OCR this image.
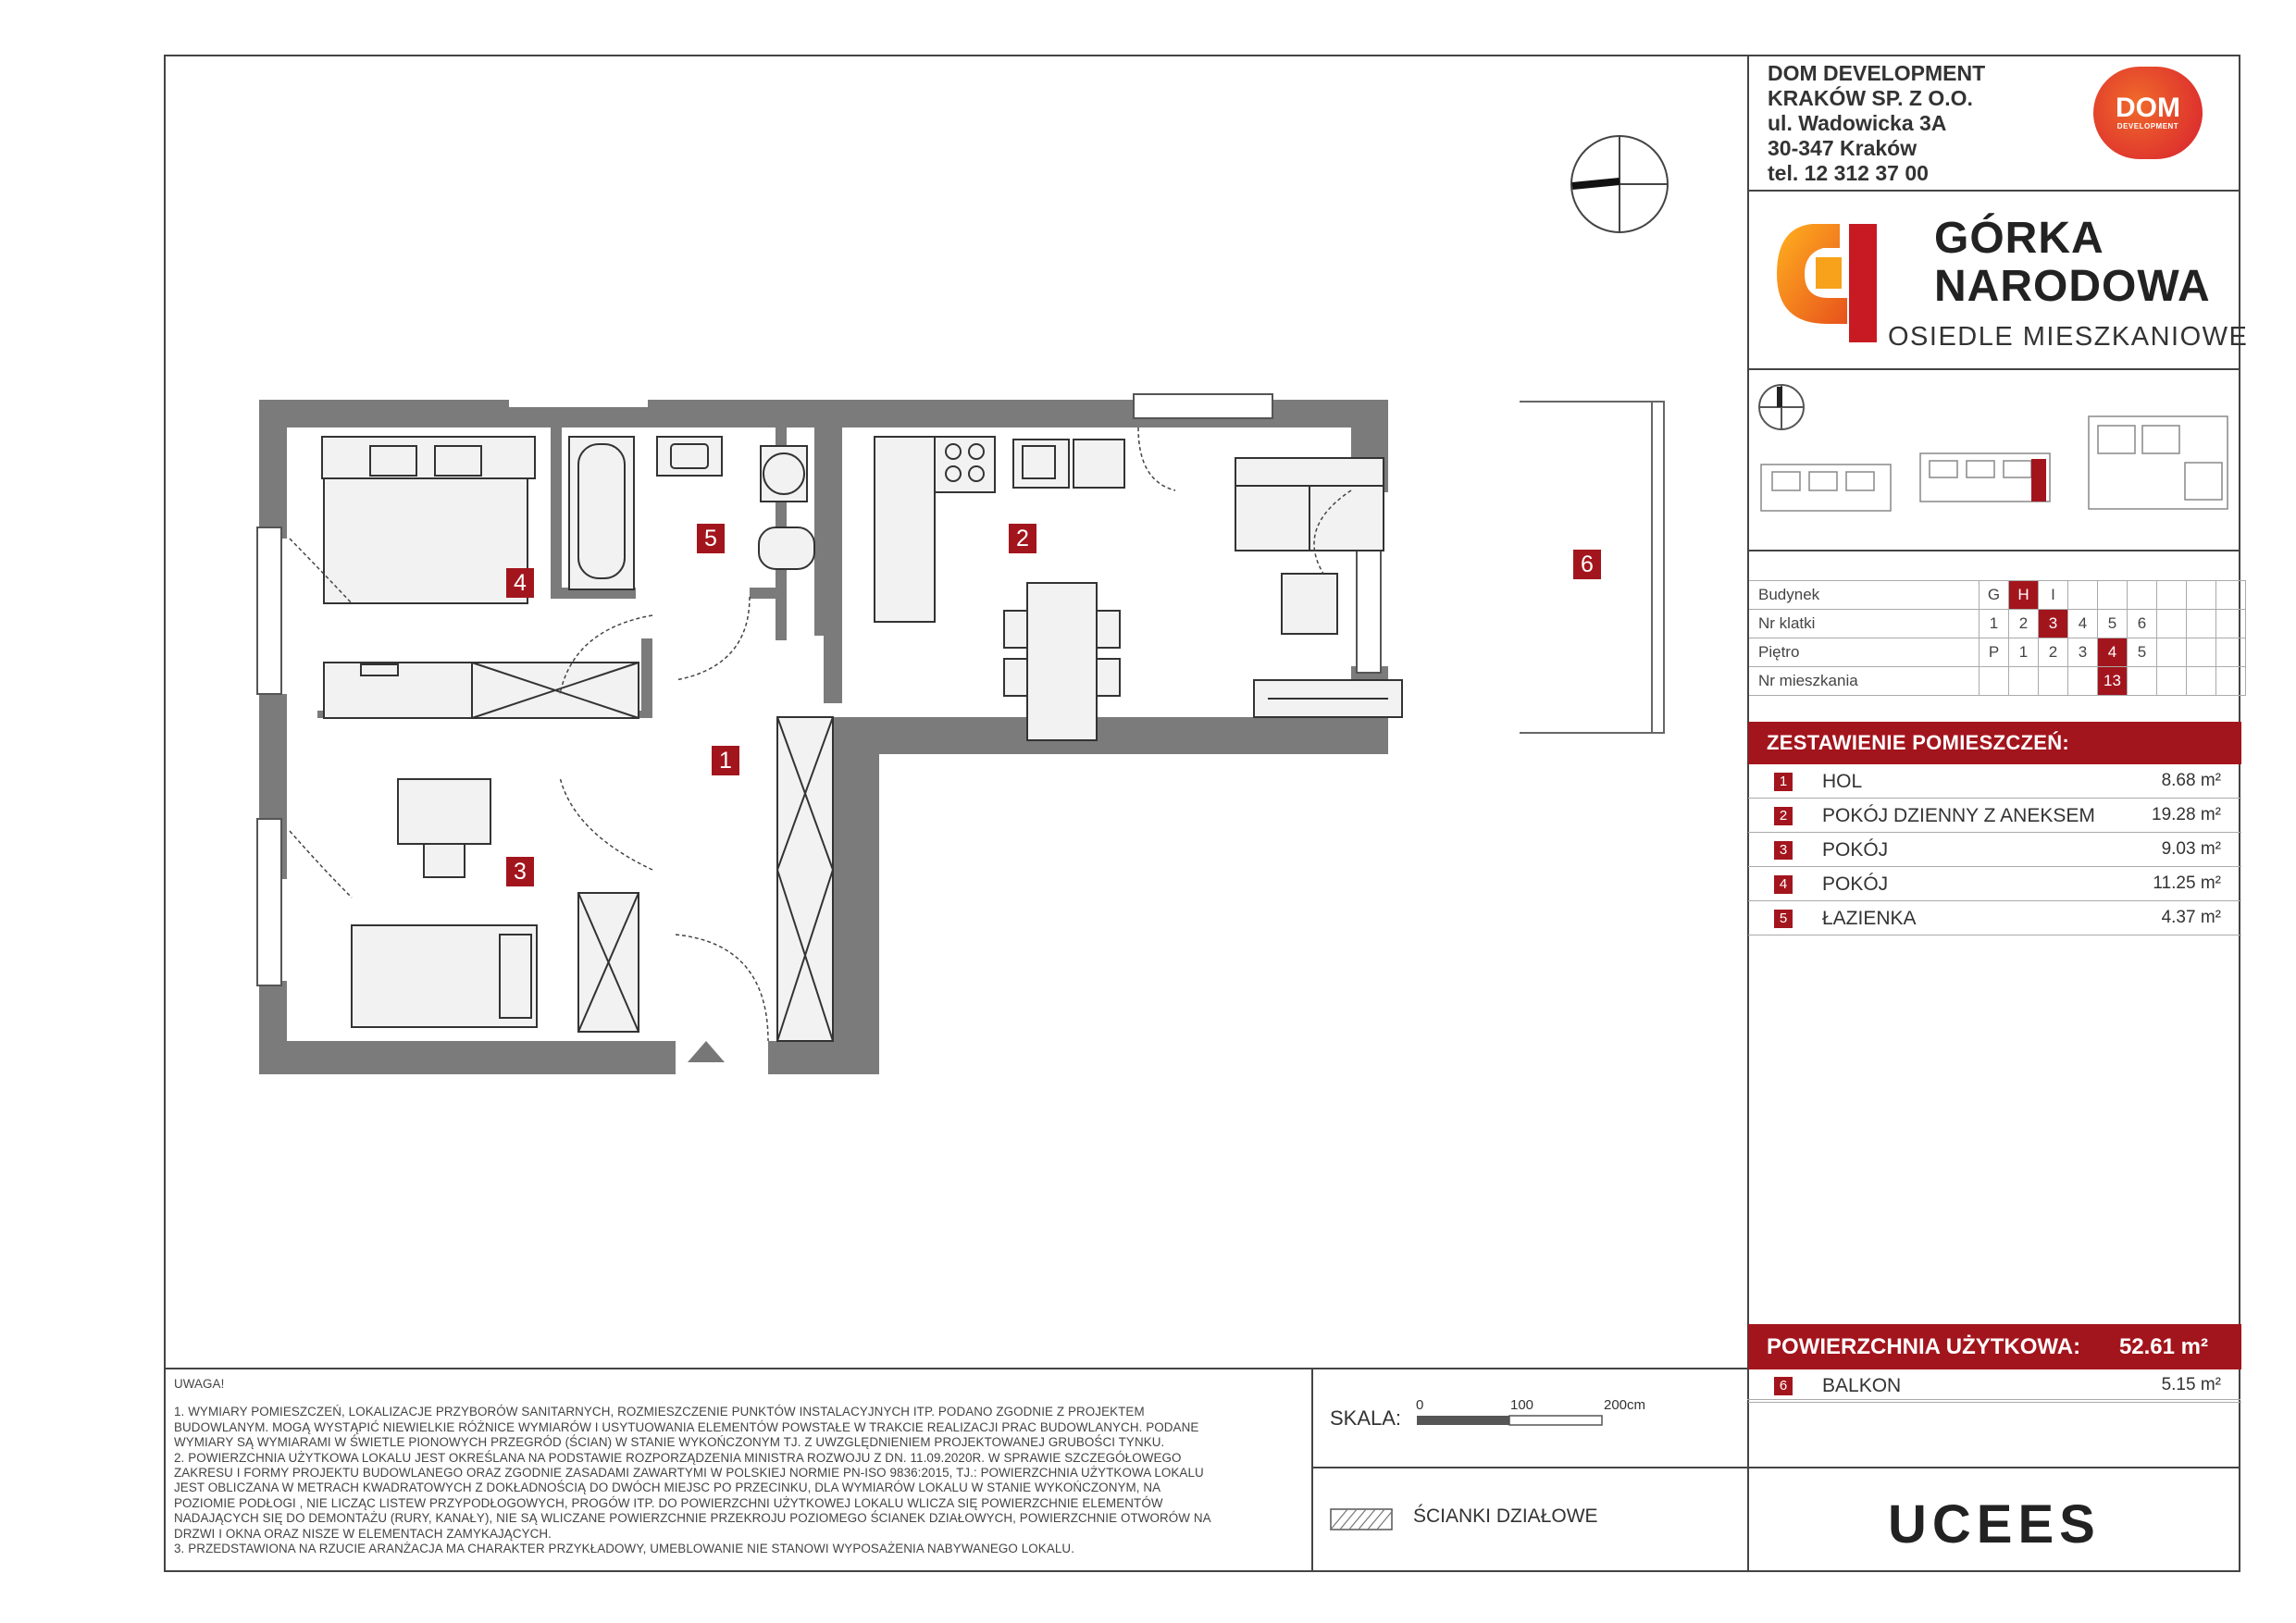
DOM DEVELOPMENT
KRAKÓW SP. Z O.O.
ul. Wadowicka 3A
30-347 Kraków
tel. 12 312 37 00
DOM
DEVELOPMENT
GÓRKA
NARODOWA
OSIEDLE MIESZKANIOWE
Budynek	G	H	I						
Nr klatki	1	2	3	4	5	6			
Piętro	P	1	2	3	4	5			
Nr mieszkania					13				
ZESTAWIENIE POMIESZCZEŃ:
1 HOL	8.68 m²
2 POKÓJ DZIENNY Z ANEKSEM	19.28 m²
3 POKÓJ	9.03 m²
4 POKÓJ	11.25 m²
5 ŁAZIENKA	4.37 m²
POWIERZCHNIA UŻYTKOWA: 52.61 m²
6 BALKON	5.15 m²
UWAGA!
1. WYMIARY POMIESZCZEŃ, LOKALIZACJE PRZYBORÓW SANITARNYCH, ROZMIESZCZENIE PUNKTÓW INSTALACYJNYCH ITP. PODANO ZGODNIE Z PROJEKTEM
BUDOWLANYM. MOGĄ WYSTĄPIĆ NIEWIELKIE RÓŻNICE WYMIARÓW I USYTUOWANIA ELEMENTÓW POWSTAŁE W TRAKCIE REALIZACJI PRAC BUDOWLANYCH. PODANE
WYMIARY SĄ WYMIARAMI W ŚWIETLE PIONOWYCH PRZEGRÓD (ŚCIAN) W STANIE WYKOŃCZONYM TJ. Z UWZGLĘDNIENIEM PROJEKTOWANEJ GRUBOŚCI TYNKU.
2. POWIERZCHNIA UŻYTKOWA LOKALU JEST OKREŚLANA NA PODSTAWIE ROZPORZĄDZENIA MINISTRA ROZWOJU Z DN. 11.09.2020R. W SPRAWIE SZCZEGÓŁOWEGO
ZAKRESU I FORMY PROJEKTU BUDOWLANEGO ORAZ ZGODNIE ZASADAMI ZAWARTYMI W POLSKIEJ NORMIE PN-ISO 9836:2015, TJ.: POWIERZCHNIA UŻYTKOWA LOKALU
JEST OBLICZANA W METRACH KWADRATOWYCH Z DOKŁADNOŚCIĄ DO DWÓCH MIEJSC PO PRZECINKU, DLA WYMIARÓW LOKALU W STANIE WYKOŃCZONYM, NA
POZIOMIE PODŁOGI , NIE LICZĄC LISTEW PRZYPODŁOGOWYCH, PROGÓW ITP. DO POWIERZCHNI UŻYTKOWEJ LOKALU WLICZA SIĘ POWIERZCHNIE ELEMENTÓW
NADAJĄCYCH SIĘ DO DEMONTAŻU (RURY, KANAŁY), NIE SĄ WLICZANE POWIERZCHNIE PRZEKROJU POZIOMEGO ŚCIANEK DZIAŁOWYCH, POWIERZCHNIE OTWORÓW NA
DRZWI I OKNA ORAZ NISZE W ELEMENTACH ZAMYKAJĄCYCH.
3. PRZEDSTAWIONA NA RZUCIE ARANŻACJA MA CHARAKTER PRZYKŁADOWY, UMEBLOWANIE NIE STANOWI WYPOSAŻENIA NABYWANEGO LOKALU.
SKALA:
0	100	200cm
ŚCIANKI DZIAŁOWE	UCEES
1
2
3
4
5
6
